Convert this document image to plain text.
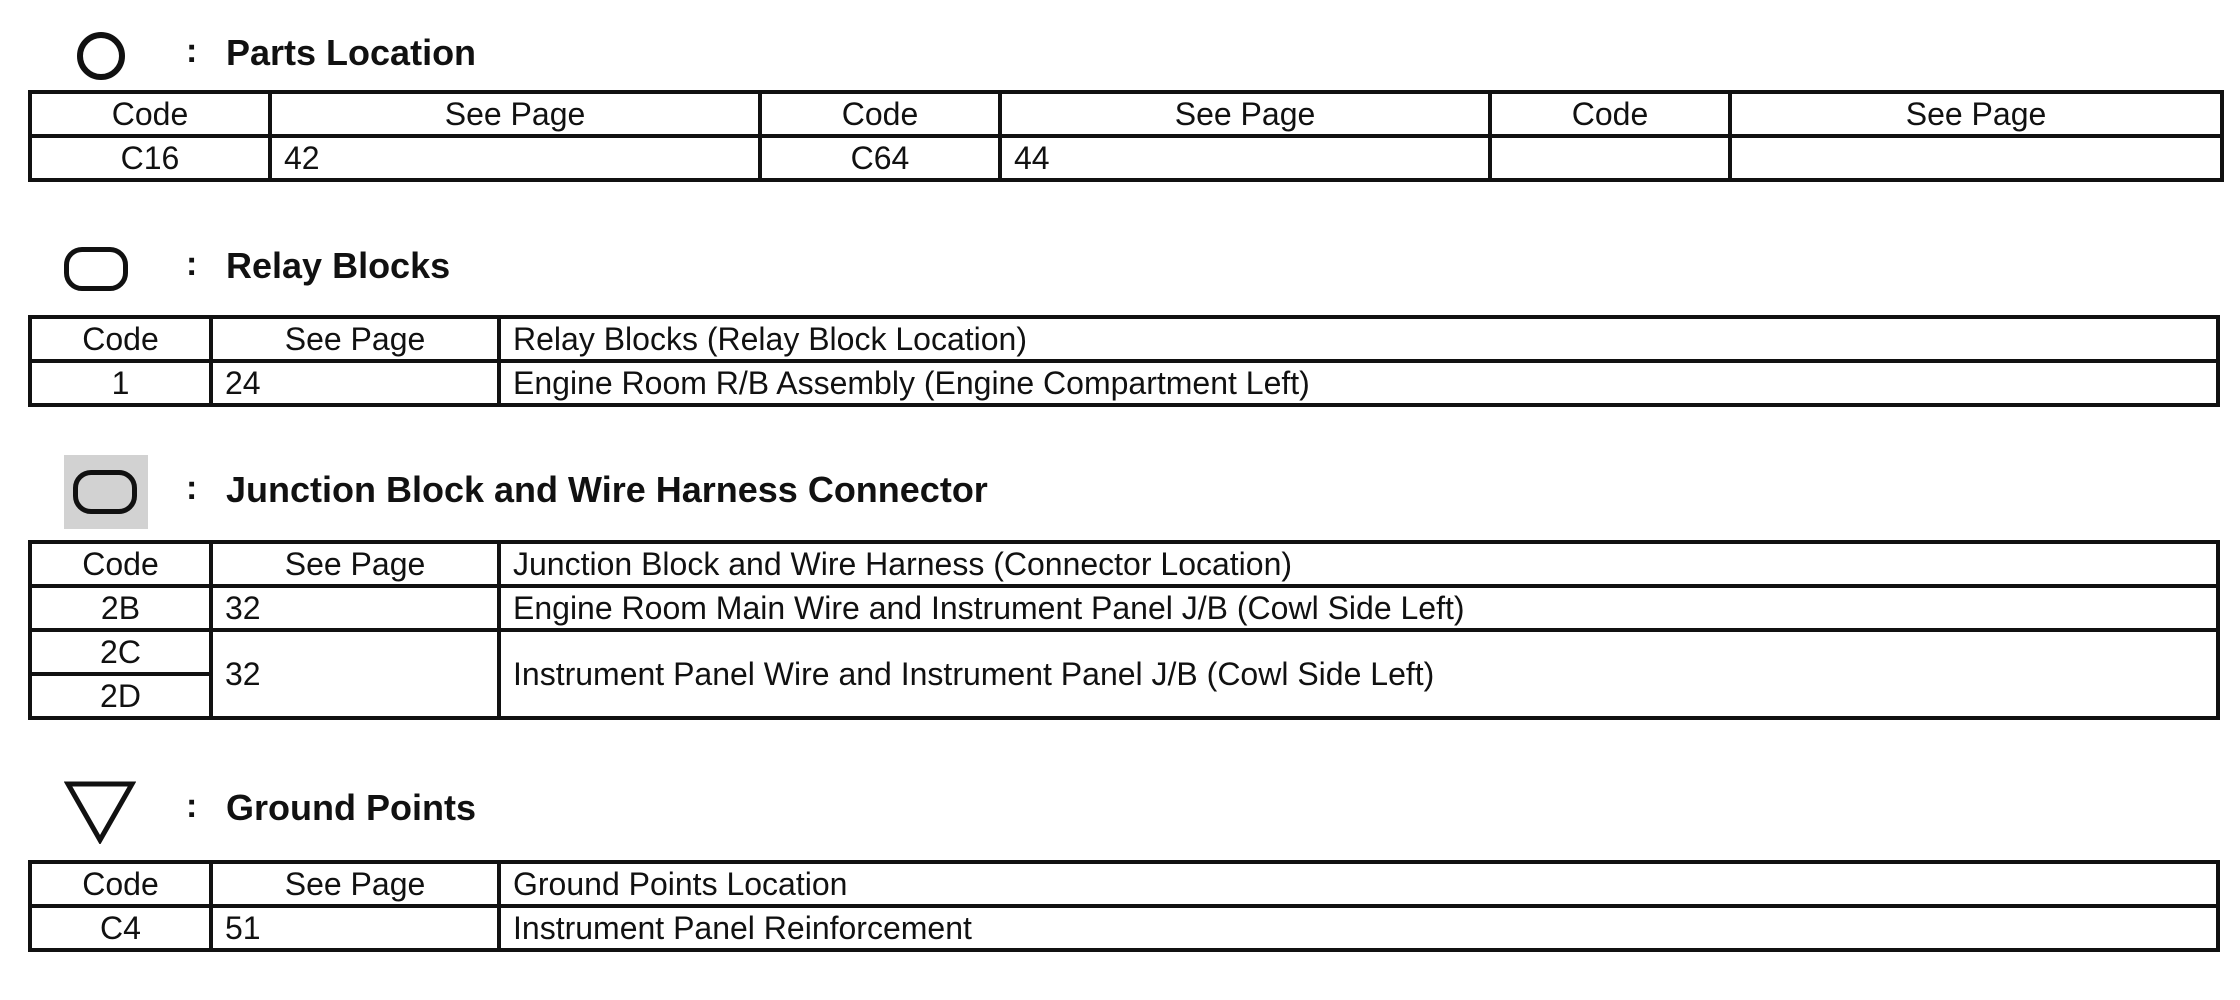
: Parts Location
Code	See Page	Code	See Page	Code	See Page
C16	42	C64	44		
: Relay Blocks
Code	See Page	Relay Blocks (Relay Block Location)
1	24	Engine Room R/B Assembly (Engine Compartment Left)
: Junction Block and Wire Harness Connector
Code	See Page	Junction Block and Wire Harness (Connector Location)
2B	32	Engine Room Main Wire and Instrument Panel J/B (Cowl Side Left)
2C	32	Instrument Panel Wire and Instrument Panel J/B (Cowl Side Left)
2D		
: Ground Points
Code	See Page	Ground Points Location
C4	51	Instrument Panel Reinforcement
